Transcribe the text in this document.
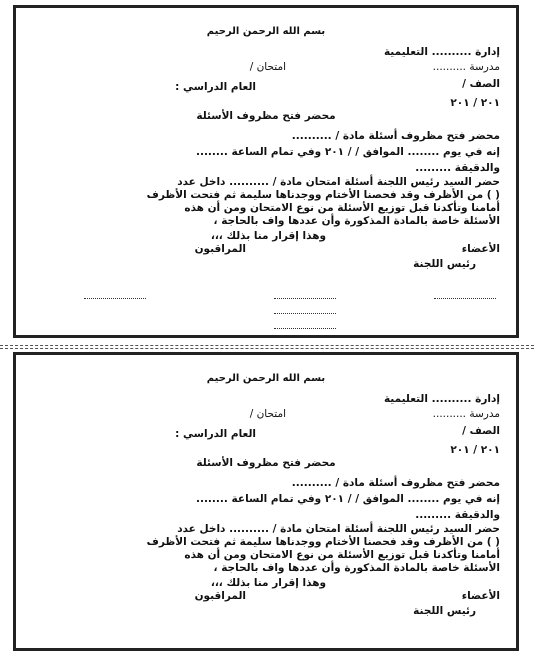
بسم الله الرحمن الرحيم
إدارة .......... التعليمية
مدرسة ..........
امتحان /
الصف /
العام الدراسي :
٢٠١ / ٢٠١
محضر فتح مظروف الأسئلة
محضر فتح مظروف أسئلة مادة / ..........
إنه في يوم ........ الموافق / / ٢٠١ وفي تمام الساعة ........
والدقيقة .........
حضر السيد رئيس اللجنة أسئلة امتحان مادة / .......... داخل عدد
( ) من الأظرف وقد فحصنا الأختام ووجدناها سليمة ثم فتحت الأظرف
أمامنا وتأكدنا قبل توزيع الأسئلة من نوع الامتحان ومن أن هذه
الأسئلة خاصة بالمادة المذكورة وأن عددها واف بالحاجة ،
وهذا إقرار منا بذلك ،،،
الأعضاء
المراقبون
رئيس اللجنة
بسم الله الرحمن الرحيم
إدارة .......... التعليمية
مدرسة ..........
امتحان /
الصف /
العام الدراسي :
٢٠١ / ٢٠١
محضر فتح مظروف الأسئلة
محضر فتح مظروف أسئلة مادة / ..........
إنه في يوم ........ الموافق / / ٢٠١ وفي تمام الساعة ........
والدقيقة .........
حضر السيد رئيس اللجنة أسئلة امتحان مادة / .......... داخل عدد
( ) من الأظرف وقد فحصنا الأختام ووجدناها سليمة ثم فتحت الأظرف
أمامنا وتأكدنا قبل توزيع الأسئلة من نوع الامتحان ومن أن هذه
الأسئلة خاصة بالمادة المذكورة وأن عددها واف بالحاجة ،
وهذا إقرار منا بذلك ،،،
الأعضاء
المراقبون
رئيس اللجنة
